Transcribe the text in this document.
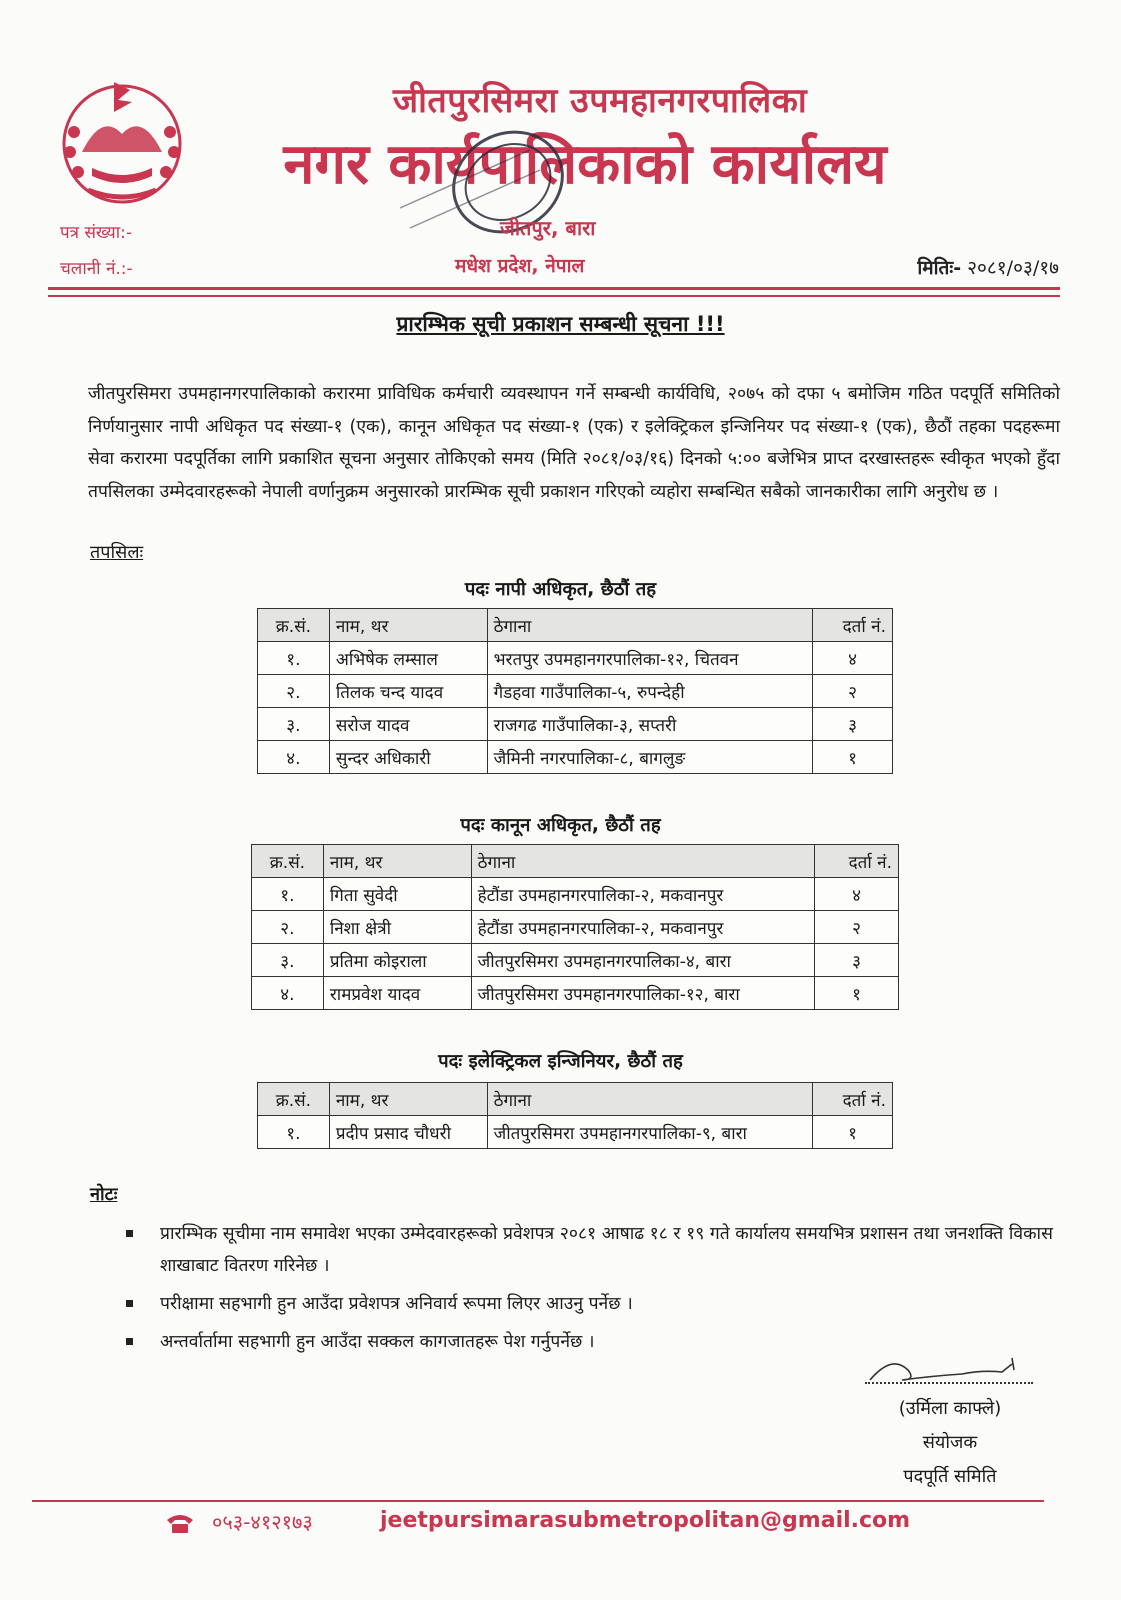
जीतपुरसिमरा उपमहानगरपालिका
नगर कार्यपालिकाको कार्यालय
जीतपुर, बारा
मधेश प्रदेश, नेपाल
पत्र संख्या:-
चलानी नं.:-	मितिः- २०८१/०३/१७
प्रारम्भिक सूची प्रकाशन सम्बन्धी सूचना !!!
जीतपुरसिमरा उपमहानगरपालिकाको करारमा प्राविधिक कर्मचारी व्यवस्थापन गर्ने सम्बन्धी कार्यविधि, २०७५ को दफा ५ बमोजिम गठित पदपूर्ति समितिको निर्णयानुसार नापी अधिकृत पद संख्या-१ (एक), कानून अधिकृत पद संख्या-१ (एक) र इलेक्ट्रिकल इन्जिनियर पद संख्या-१ (एक), छैठौं तहका पदहरूमा सेवा करारमा पदपूर्तिका लागि प्रकाशित सूचना अनुसार तोकिएको समय (मिति २०८१/०३/१६) दिनको ५:०० बजेभित्र प्राप्त दरखास्तहरू स्वीकृत भएको हुँदा तपसिलका उम्मेदवारहरूको नेपाली वर्णानुक्रम अनुसारको प्रारम्भिक सूची प्रकाशन गरिएको व्यहोरा सम्बन्धित सबैको जानकारीका लागि अनुरोध छ ।
तपसिलः
पदः नापी अधिकृत, छैठौं तह
क्र.सं.	नाम, थर	ठेगाना	दर्ता नं.
१.	अभिषेक लम्साल	भरतपुर उपमहानगरपालिका-१२, चितवन	४
२.	तिलक चन्द यादव	गैडहवा गाउँपालिका-५, रुपन्देही	२
३.	सरोज यादव	राजगढ गाउँपालिका-३, सप्तरी	३
४.	सुन्दर अधिकारी	जैमिनी नगरपालिका-८, बागलुङ	१
पदः कानून अधिकृत, छैठौं तह
क्र.सं.	नाम, थर	ठेगाना	दर्ता नं.
१.	गिता सुवेदी	हेटौंडा उपमहानगरपालिका-२, मकवानपुर	४
२.	निशा क्षेत्री	हेटौंडा उपमहानगरपालिका-२, मकवानपुर	२
३.	प्रतिमा कोइराला	जीतपुरसिमरा उपमहानगरपालिका-४, बारा	३
४.	रामप्रवेश यादव	जीतपुरसिमरा उपमहानगरपालिका-१२, बारा	१
पदः इलेक्ट्रिकल इन्जिनियर, छैठौं तह
क्र.सं.	नाम, थर	ठेगाना	दर्ता नं.
१.	प्रदीप प्रसाद चौधरी	जीतपुरसिमरा उपमहानगरपालिका-९, बारा	१
नोटः
प्रारम्भिक सूचीमा नाम समावेश भएका उम्मेदवारहरूको प्रवेशपत्र २०८१ आषाढ १८ र १९ गते कार्यालय समयभित्र प्रशासन तथा जनशक्ति विकास शाखाबाट वितरण गरिनेछ ।
परीक्षामा सहभागी हुन आउँदा प्रवेशपत्र अनिवार्य रूपमा लिएर आउनु पर्नेछ ।
अन्तर्वार्तामा सहभागी हुन आउँदा सक्कल कागजातहरू पेश गर्नुपर्नेछ ।
(उर्मिला काफ्ले)
संयोजक
पदपूर्ति समिति
०५३-४१२१७३	jeetpursimarasubmetropolitan@gmail.com
